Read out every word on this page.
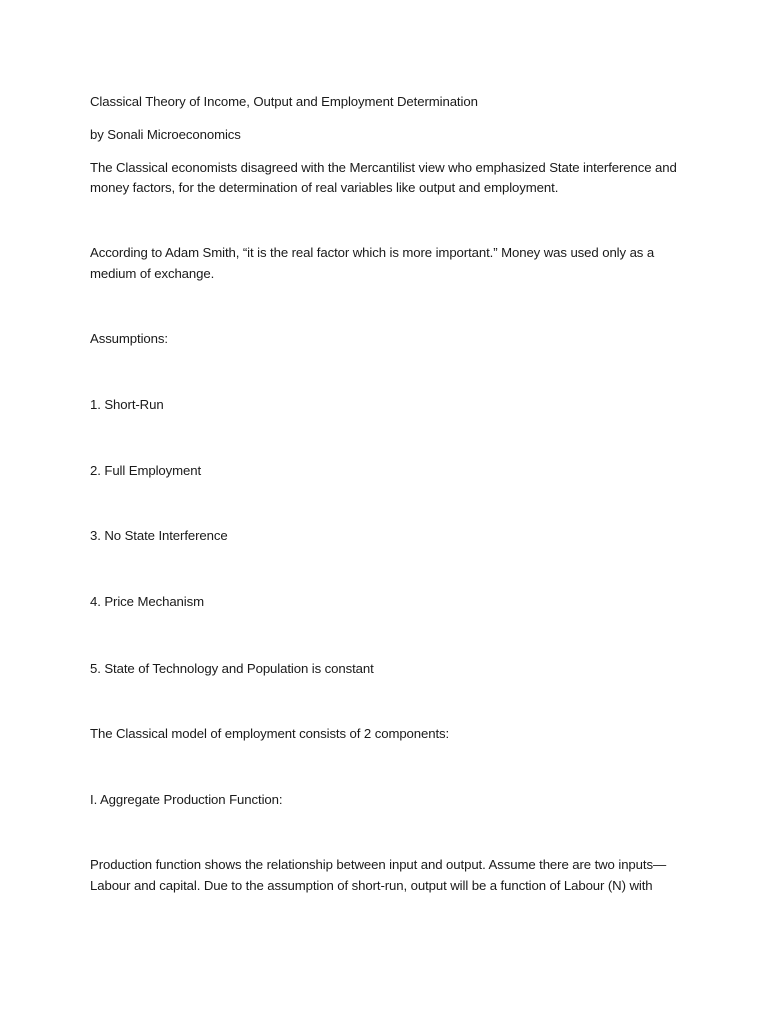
Classical Theory of Income, Output and Employment Determination
by Sonali Microeconomics
The Classical economists disagreed with the Mercantilist view who emphasized State interference and
money factors, for the determination of real variables like output and employment.
According to Adam Smith, “it is the real factor which is more important.” Money was used only as a
medium of exchange.
Assumptions:
1. Short-Run
2. Full Employment
3. No State Interference
4. Price Mechanism
5. State of Technology and Population is constant
The Classical model of employment consists of 2 components:
I. Aggregate Production Function:
Production function shows the relationship between input and output. Assume there are two inputs—
Labour and capital. Due to the assumption of short-run, output will be a function of Labour (N) with
